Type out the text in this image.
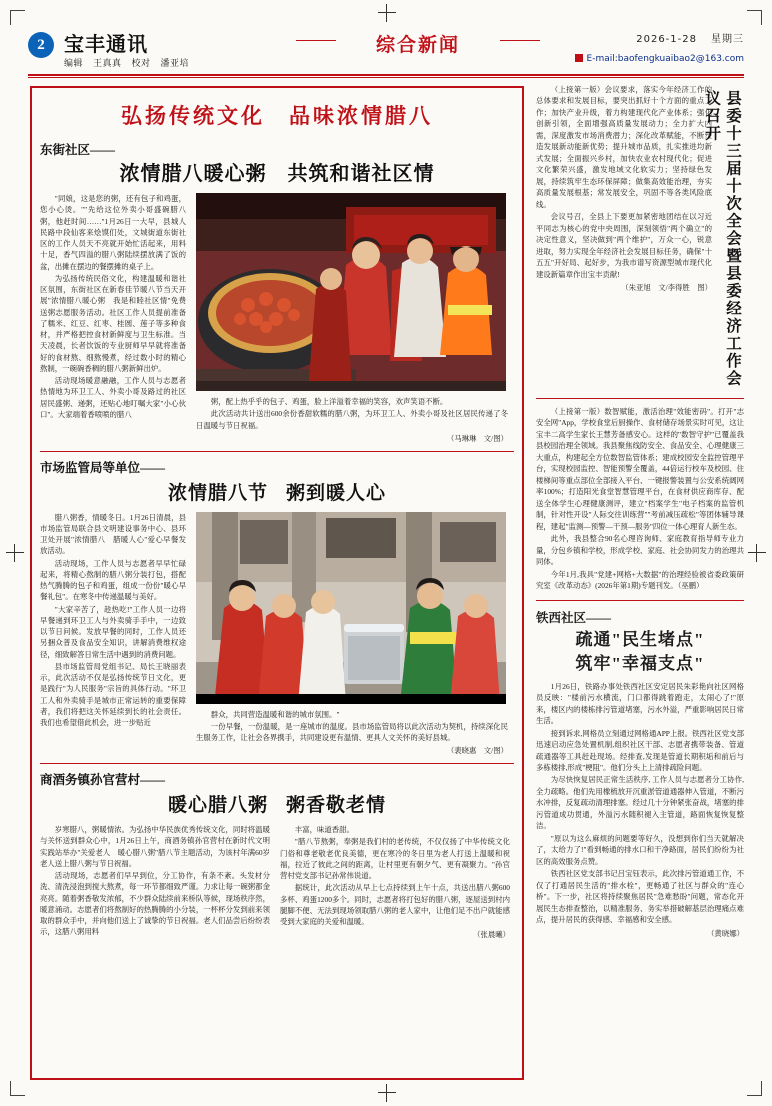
2 宝丰通讯
编辑 王真真 校对 潘亚培
综合新闻	2026-1-28 星期三
E-mail:baofengkuaibao2@163.com
弘扬传统文化　品味浓情腊八
东街社区——
浓情腊八暖心粥　共筑和谐社区情

"同娘，这是您的粥，还有包子和鸡蛋，您小心烫。""先给这位外卖小哥盛碗腊八粥，他赶时间……"1月26日一大早，县城人民路中段仙客来烩馍们处，文城街道东街社区的工作人员天不亮就开始忙活起来，用料十足，香气四溢的腊八粥陆续摆放满了饭的盆，出摊在摆边的餐摆摊的桌子上。

为弘扬传统民俗文化，构建温暖和谐社区氛围，东街社区在新春佳节暖八节当天开展"浓情腊八暖心粥　我是和睦社区情"免费送粥志愿服务活动。社区工作人员提前准备了糯米、红豆、红枣、桂圆、莲子等多种食材，并严格把控食材新鲜度与卫生标准。当天凌晨，长者饮饭的专业厨师早早就将准备好的食材熬、细熬慢煮，经过数小时的精心熬制，一碗碗香稠的腊八粥新鲜出炉。

活动现场暖意融融，工作人员与志愿者热情地为环卫工人、外卖小哥及路过的社区居民盛粥、递粥，还贴心地叮嘱大家"小心伙口"。大家端着香喷喷的腊八

粥，配上热乎乎的包子、鸡蛋，脸上洋溢着幸福的笑容，欢声笑语不断。

此次活动共计送出600余份香甜软糯的腊八粥，为环卫工人、外卖小哥及社区居民传递了冬日温暖与节日祝福。

（马琳琳　文/图）
市场监管局等单位——
浓情腊八节 粥到暖人心

腊八粥香，情暖冬日。1月26日清晨，县市场监管局联合县文明建设事务中心、县环卫处开展"浓情腊八　腊暖人心"爱心早餐发放活动。

活动现场，工作人员与志愿者早早忙碌起来，将精心熬制的腊八粥分装打包，搭配热气腾腾的包子和鸡蛋，组成一份份"暖心早餐礼包"。在寒冬中传递温暖与美好。

"大家辛苦了，趁热吃!"工作人员一边将早餐递到环卫工人与外卖骑手手中，一边致以节日问候。发放早餐的同时，工作人员还另捆众普及食品安全知识，讲解消费维权途径，细致解答日常生活中遇到的消费问题。

县市场监管局党组书记、局长王晓丽表示，此次活动不仅是弘扬传统节日文化，更是践行"为人民服务"宗旨的具体行动。"环卫工人和外卖骑手是城市正常运转的重要保障者，我们将把这关怀延续到长的社会责任。我们也希望借此机会，进一步贴近

群众，共同营造温暖和谐的城市氛围。"

一份早餐，一份温暖，是一座城市的温度。县市场监管局将以此次活动为契机，持续深化民生服务工作，让社会各界携手，共同建设更有温情、更具人文关怀的美好县城。

（裴晓惠　文/图）
商酒务镇孙官营村——
暖心腊八粥 粥香敬老情

岁寒腊八，粥暖情浓。为弘扬中华民族优秀传统文化，同时将温暖与关怀送到群众心中，1月26日上午，商酒务镇孙官营村在新时代文明实践站举办"关爱老人　暖心腊八粥"腊八节主题活动，为该村年满60岁老人送上腊八粥与节日祝福。

活动现场，志愿者们早早到位，分工协作，有条不紊。头发材分洗、清洗浸泡到搅大熬煮，每一环节都细致严谨。力求让每一碗粥都金亮亮。随着粥香敬发浓郁，不少群众陆续前来桥队等候，现场秩序然，暖意涌动。志愿者们将熬制好的热腾腾的小分装，一杯杯分发到前来领取的群众手中，并向他们送上了诚挚的节日祝福。老人们品尝后纷纷表示，这腊八粥用料

丰富，味道香甜。

"腊八节熬粥，奉粥是我们村的老传统，不仅仅扬了中华传统文化门俗和尊老敬老优良美德，更在寒冷的冬日里为老人打送上温暖和祝福，拉近了彼此之间的距离，让村里更有朝夕气、更有凝聚力。"孙官营村党支部书记孙常伟说道。

据统计，此次活动从早上七点持续到上午十点，共送出腊八粥600多杯、鸡蛋1200多个。同时，志愿者将打包好的腊八粥，逐屋送到村内腿脚不便、无法到现场领取腊八粥的老人家中，让他们足不出户就能感受到大家庭的关爱和温暖。

（张晨曦）
县委十三届十次全会暨县委经济工作会议召开

（上接第一版）会议要求，落实今年经济工作的总体要求和发展目标，要突出抓好十个方面的重点工作；加快产业升级，着力构建现代化产业体系；强化创新引领，全面增强高质量发展动力；全力扩大内需，深度激发市场消费潜力；深化改革赋能，不断塑造发展新动能新优势；提升城市品质，扎实推进均新式发展；全面振兴乡村，加快农业农村现代化；促进文化繁荣兴盛，激发地域文化软实力；坚持绿色发展，持续筑牢生态环保屏障；做集高效能治理，夯实高质量发展根基；常发展安全，巩固不等各类风险底线。

会议号召，全县上下要更加紧密地团结在以习近平同志为核心的党中央周围，深刻领悟"两个确立"的决定性意义，坚决做到"两个维护"，万众一心，锐意进取，努力实现全年经济社会发展目标任务，确保"十五五"开好局、起好步，为我市谱写资源型城市现代化建设新篇章作出宝丰贡献!

（朱亚旭　文/李得胜　图）

（上接第一版）数智赋能，激活治理"效能密码"。打开"志安全网"App，学校食堂后厨操作、食材储存场景实时可见，这让宝丰二高学生家长王慧芳备感安心。这样的"数智守护"已覆盖我县校园治理全领域。我县聚焦线防安全、食品安全、心理健康三大重点，构建起全方位数智监管体系；建成校园安全监控管理平台，实现校园监控、智能预警全覆盖，44倍运行校车及校园、住楼梯间等重点部位全部接入平台、一键报警装置与公安系统阔网率100%；打造阳光食堂智慧管理平台，在食材供应商库存、配送全体学生心理健康测评，建立"档案学生"电子档案的监管机制，针对性开设"人际交往训练营""考前减压疏松"等团体辅导课程，建起"监测—预警—干预—服务"四位一体心理育人新生态。

此外，我县整合90名心理咨询师、家庭教育指导师专业力量，分包乡镇和学校，形成学校、家庭、社会协同发力的治理共同体。

今年1月,我具"党建+网格+大数据"的治理经验被省委政策研究室《改革动态》(2026年第1期)专题刊发。（巫鹏）

铁西社区——
疏通"民生堵点"
筑牢"幸福支点"

1月26日，铁路办事处铁西社区安定居民朱彩艳向社区网格员反映："楼前污水横流，门口都得跳着跑走，太闹心了!"原来，楼区内的楼栋排污管道堵塞，污水外溢，严重影响居民日常生活。

接到诉求,网格员立刻通过网格通APP上报。铁西社区党支部迅速启动应急处置机制,组织社区干部、志愿者携带装备、管道疏通器等工具赶赴现场。经排查,发现是管道长期积垢和前后与多栋楼排,形成"梗阻"。他们分头上上清排疏险问题。

为尽快恢复居民正常生活秩序, 工作人员与志愿者分工协作, 全力疏略。他们先用橡梳放开沉重淤管道通器伸入管道，不断污水冲排，反复疏动清理排塞。经过几十分钟紧张奋战，堵塞的排污管道成功贯通，外溢污水随积褪入主管道，路面恢复恢复整洁。

"原以为这么麻烦的问题要等好久，没想到你们当天就解决了，太给力了!"看到畅通的排水口和干净路面，居民们纷纷为社区的高效服务点赞。

铁西社区党支部书记吕宝钰表示，此次排污管道通工作，不仅了打通居民生活的"排水栓"，更畅通了社区与群众的"连心桥"。下一步，社区将持续聚焦居民"急难愁盼"问题，常态化开展民生态排查整治，以精准服务、务实举措破解基层治理痛点难点，提升居民的获得感、幸福感和安全感。

（黄晓娜）
